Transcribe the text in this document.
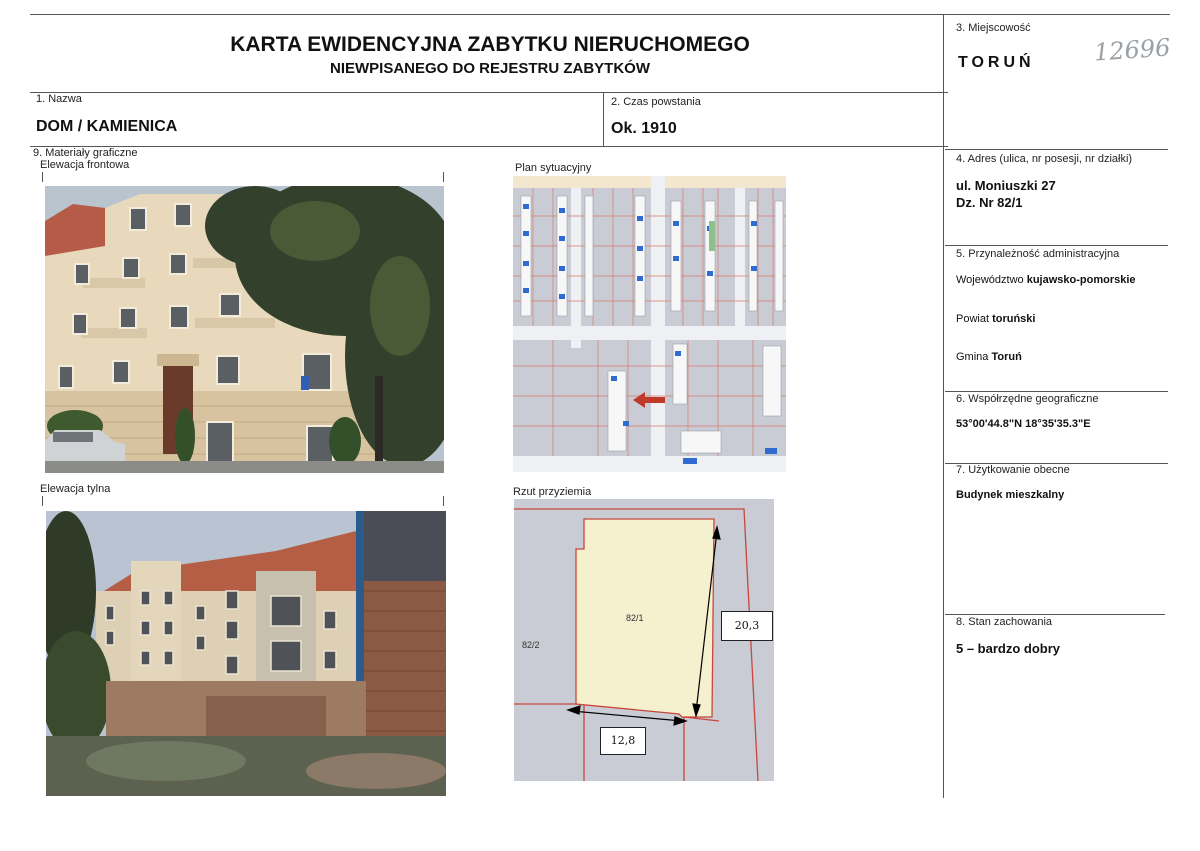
KARTA EWIDENCYJNA ZABYTKU NIERUCHOMEGO
NIEWPISANEGO DO REJESTRU ZABYTKÓW
1. Nazwa
DOM / KAMIENICA
2. Czas powstania
Ok. 1910
3. Miejscowość
TORUŃ 12696
4. Adres (ulica, nr posesji, nr działki)
ul. Moniuszki 27
Dz. Nr 82/1
5. Przynależność administracyjna
Województwo kujawsko-pomorskie
Powiat toruński
Gmina Toruń
6. Współrzędne geograficzne
53°00'44.8"N 18°35'35.3"E
7. Użytkowanie obecne
Budynek mieszkalny
8. Stan zachowania
5 – bardzo dobry
9. Materiały graficzne
Elewacja frontowa	Plan sytuacyjny
Elewacja tylna	Rzut przyziemia
82/1
82/2
20,3
12,8
